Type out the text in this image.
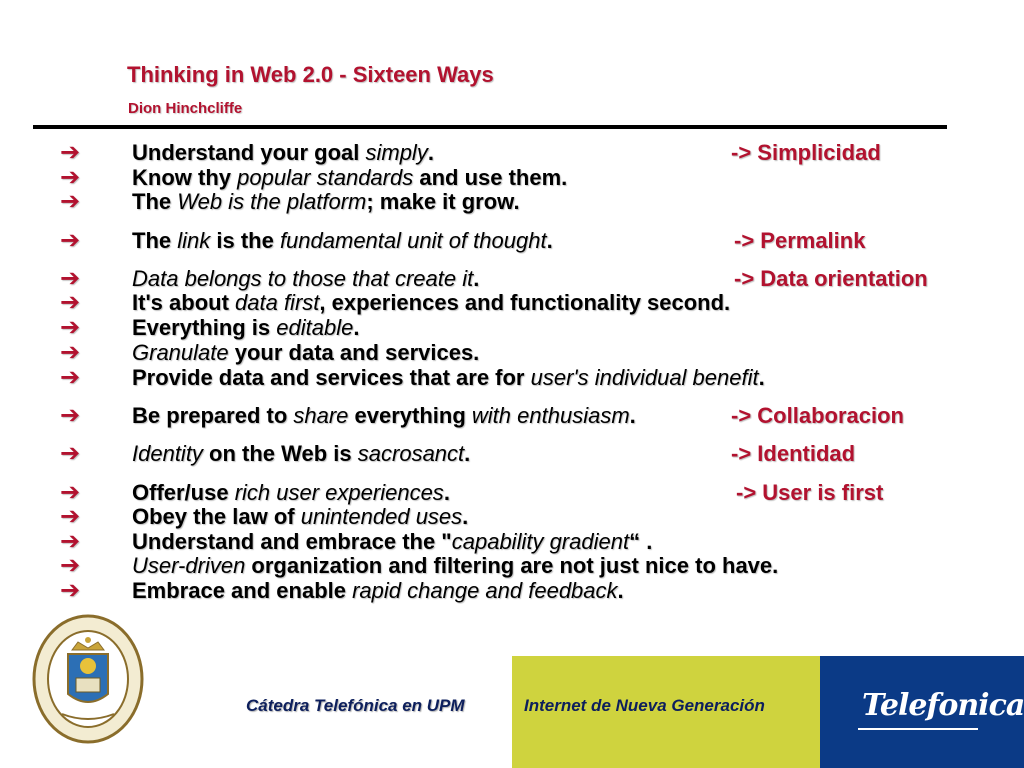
Thinking in Web 2.0 - Sixteen Ways
Dion Hinchcliffe
➔ Understand your goal simply.	-> Simplicidad
➔ Know thy popular standards and use them.
➔ The Web is the platform; make it grow.
➔ The link is the fundamental unit of thought.	-> Permalink
➔ Data belongs to those that create it.	-> Data orientation
➔ It's about data first, experiences and functionality second.
➔ Everything is editable.
➔ Granulate your data and services.
➔ Provide data and services that are for user's individual benefit.
➔ Be prepared to share everything with enthusiasm.	-> Collaboracion
➔ Identity on the Web is sacrosanct.	-> Identidad
➔ Offer/use rich user experiences.	-> User is first
➔ Obey the law of unintended uses.
➔ Understand and embrace the "capability gradient“ .
➔ User-driven organization and filtering are not just nice to have.
➔ Embrace and enable rapid change and feedback.
Cátedra Telefónica en UPM	Internet de Nueva Generación	Telefonica
